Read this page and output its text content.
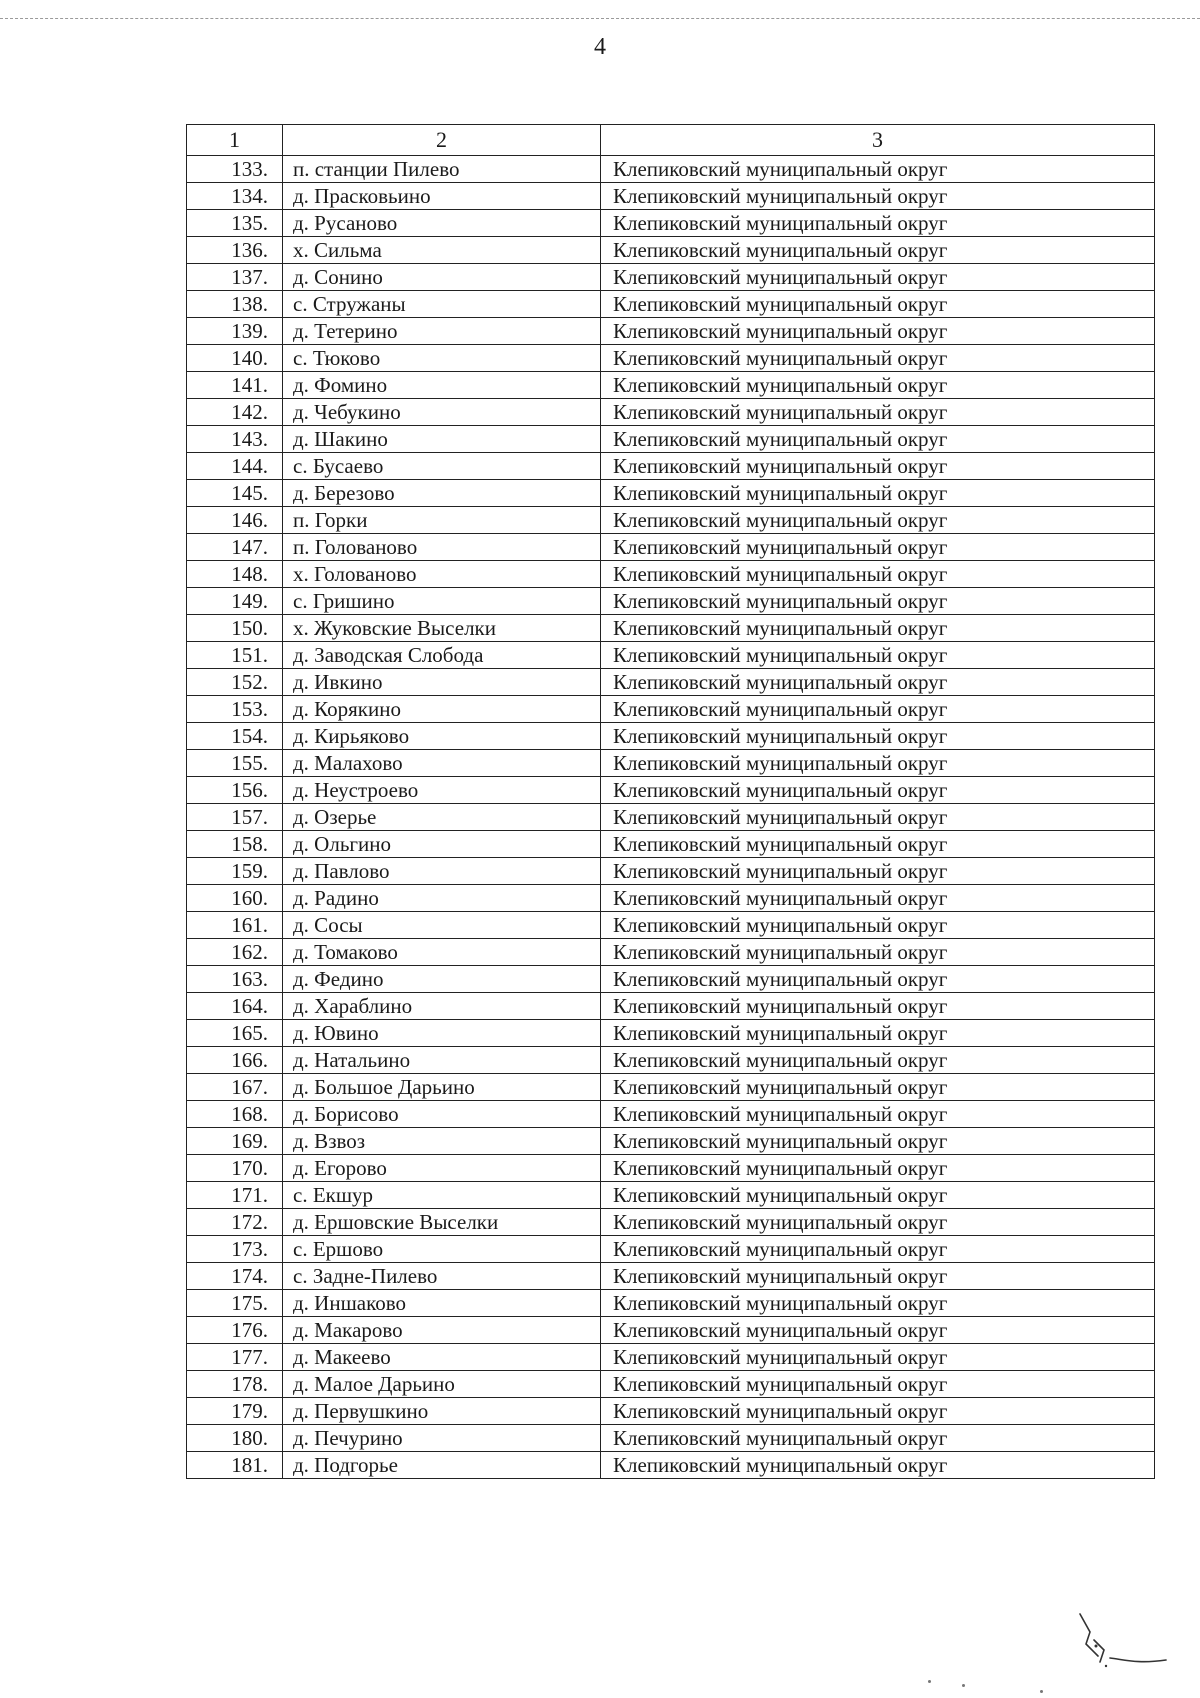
4
1	2	3
133.	п. станции Пилево	Клепиковский муниципальный округ
134.	д. Прасковьино	Клепиковский муниципальный округ
135.	д. Русаново	Клепиковский муниципальный округ
136.	х. Сильма	Клепиковский муниципальный округ
137.	д. Сонино	Клепиковский муниципальный округ
138.	с. Стружаны	Клепиковский муниципальный округ
139.	д. Тетерино	Клепиковский муниципальный округ
140.	с. Тюково	Клепиковский муниципальный округ
141.	д. Фомино	Клепиковский муниципальный округ
142.	д. Чебукино	Клепиковский муниципальный округ
143.	д. Шакино	Клепиковский муниципальный округ
144.	с. Бусаево	Клепиковский муниципальный округ
145.	д. Березово	Клепиковский муниципальный округ
146.	п. Горки	Клепиковский муниципальный округ
147.	п. Голованово	Клепиковский муниципальный округ
148.	х. Голованово	Клепиковский муниципальный округ
149.	с. Гришино	Клепиковский муниципальный округ
150.	х. Жуковские Выселки	Клепиковский муниципальный округ
151.	д. Заводская Слобода	Клепиковский муниципальный округ
152.	д. Ивкино	Клепиковский муниципальный округ
153.	д. Корякино	Клепиковский муниципальный округ
154.	д. Кирьяково	Клепиковский муниципальный округ
155.	д. Малахово	Клепиковский муниципальный округ
156.	д. Неустроево	Клепиковский муниципальный округ
157.	д. Озерье	Клепиковский муниципальный округ
158.	д. Ольгино	Клепиковский муниципальный округ
159.	д. Павлово	Клепиковский муниципальный округ
160.	д. Радино	Клепиковский муниципальный округ
161.	д. Сосы	Клепиковский муниципальный округ
162.	д. Томаково	Клепиковский муниципальный округ
163.	д. Федино	Клепиковский муниципальный округ
164.	д. Хараблино	Клепиковский муниципальный округ
165.	д. Ювино	Клепиковский муниципальный округ
166.	д. Натальино	Клепиковский муниципальный округ
167.	д. Большое Дарьино	Клепиковский муниципальный округ
168.	д. Борисово	Клепиковский муниципальный округ
169.	д. Взвоз	Клепиковский муниципальный округ
170.	д. Егорово	Клепиковский муниципальный округ
171.	с. Екшур	Клепиковский муниципальный округ
172.	д. Ершовские Выселки	Клепиковский муниципальный округ
173.	с. Ершово	Клепиковский муниципальный округ
174.	с. Задне-Пилево	Клепиковский муниципальный округ
175.	д. Иншаково	Клепиковский муниципальный округ
176.	д. Макарово	Клепиковский муниципальный округ
177.	д. Макеево	Клепиковский муниципальный округ
178.	д. Малое Дарьино	Клепиковский муниципальный округ
179.	д. Первушкино	Клепиковский муниципальный округ
180.	д. Печурино	Клепиковский муниципальный округ
181.	д. Подгорье	Клепиковский муниципальный округ
